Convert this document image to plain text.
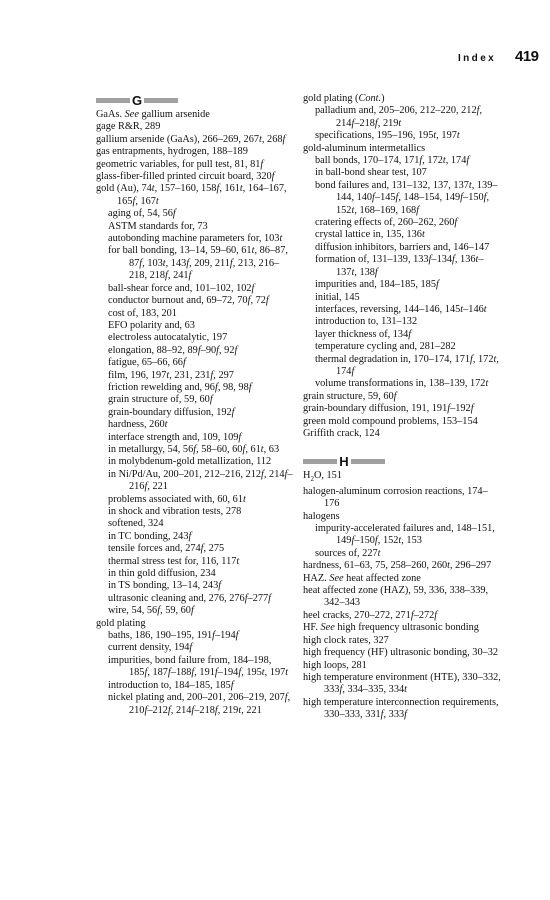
Index 419
G
GaAs. See gallium arsenide
gage R&R, 289
gallium arsenide (GaAs), 266–269, 267t, 268f
gas entrapments, hydrogen, 188–189
geometric variables, for pull test, 81, 81f
glass-fiber-filled printed circuit board, 320f
gold (Au), 74t, 157–160, 158f, 161t, 164–167, 165f, 167t
aging of, 54, 56f
ASTM standards for, 73
autobonding machine parameters for, 103t
for ball bonding, 13–14, 59–60, 61t, 86–87, 87f, 103t, 143f, 209, 211f, 213, 216–218, 218f, 241f
ball-shear force and, 101–102, 102f
conductor burnout and, 69–72, 70f, 72f
cost of, 183, 201
EFO polarity and, 63
electroless autocatalytic, 197
elongation, 88–92, 89f–90f, 92f
fatigue, 65–66, 66f
film, 196, 197t, 231, 231f, 297
friction rewelding and, 96f, 98, 98f
grain structure of, 59, 60f
grain-boundary diffusion, 192f
hardness, 260t
interface strength and, 109, 109f
in metallurgy, 54, 56f, 58–60, 60f, 61t, 63
in molybdenum-gold metallization, 112
in Ni/Pd/Au, 200–201, 212–216, 212f, 214f–216f, 221
problems associated with, 60, 61t
in shock and vibration tests, 278
softened, 324
in TC bonding, 243f
tensile forces and, 274f, 275
thermal stress test for, 116, 117t
in thin gold diffusion, 234
in TS bonding, 13–14, 243f
ultrasonic cleaning and, 276, 276f–277f
wire, 54, 56f, 59, 60f
gold plating
baths, 186, 190–195, 191f–194f
current density, 194f
impurities, bond failure from, 184–198, 185f, 187f–188f, 191f–194f, 195t, 197t
introduction to, 184–185, 185f
nickel plating and, 200–201, 206–219, 207f, 210f–212f, 214f–218f, 219t, 221
gold plating (Cont.)
palladium and, 205–206, 212–220, 212f, 214f–218f, 219t
specifications, 195–196, 195t, 197t
gold-aluminum intermetallics
ball bonds, 170–174, 171f, 172t, 174f
in ball-bond shear test, 107
bond failures and, 131–132, 137, 137t, 139–144, 140f–145f, 148–154, 149f–150f, 152t, 168–169, 168f
cratering effects of, 260–262, 260f
crystal lattice in, 135, 136t
diffusion inhibitors, barriers and, 146–147
formation of, 131–139, 133f–134f, 136t–137t, 138f
impurities and, 184–185, 185f
initial, 145
interfaces, reversing, 144–146, 145t–146t
introduction to, 131–132
layer thickness of, 134f
temperature cycling and, 281–282
thermal degradation in, 170–174, 171f, 172t, 174f
volume transformations in, 138–139, 172t
grain structure, 59, 60f
grain-boundary diffusion, 191, 191f–192f
green mold compound problems, 153–154
Griffith crack, 124
H
$H_2O$, 151
halogen-aluminum corrosion reactions, 174–176
halogens
impurity-accelerated failures and, 148–151, 149f–150f, 152t, 153
sources of, 227t
hardness, 61–63, 75, 258–260, 260t, 296–297
HAZ. See heat affected zone
heat affected zone (HAZ), 59, 336, 338–339, 342–343
heel cracks, 270–272, 271f–272f
HF. See high frequency ultrasonic bonding
high clock rates, 327
high frequency (HF) ultrasonic bonding, 30–32
high loops, 281
high temperature environment (HTE), 330–332, 333f, 334–335, 334t
high temperature interconnection requirements, 330–333, 331f, 333f
